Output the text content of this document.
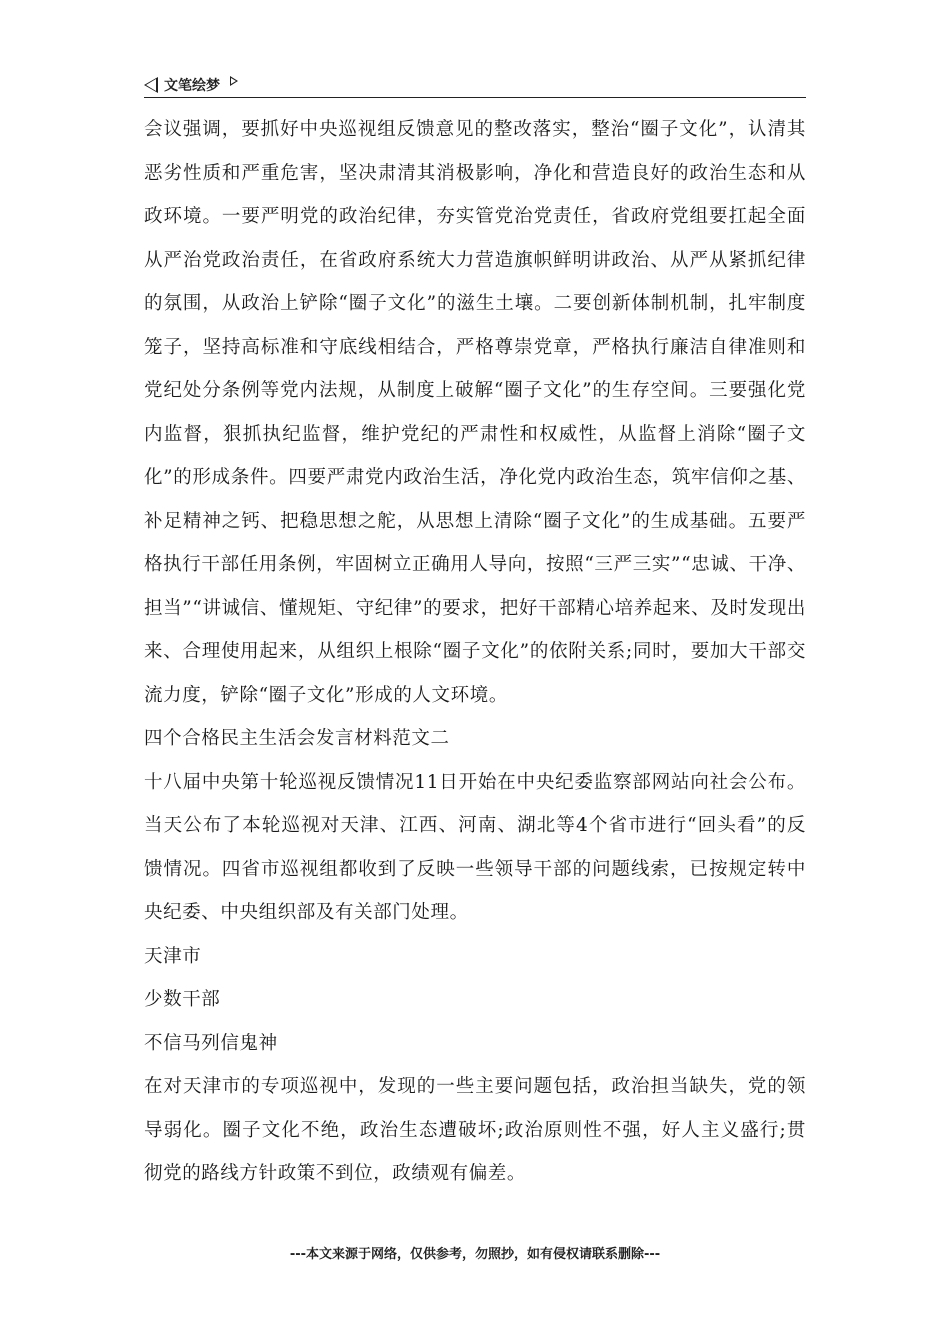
文笔绘梦

会议强调，要抓好中央巡视组反馈意见的整改落实，整治“圈子文化”，认清其恶劣性质和严重危害，坚决肃清其消极影响，净化和营造良好的政治生态和从政环境。一要严明党的政治纪律，夯实管党治党责任，省政府党组要扛起全面从严治党政治责任，在省政府系统大力营造旗帜鲜明讲政治、从严从紧抓纪律的氛围，从政治上铲除“圈子文化”的滋生土壤。二要创新体制机制，扎牢制度笼子，坚持高标准和守底线相结合，严格尊崇党章，严格执行廉洁自律准则和党纪处分条例等党内法规，从制度上破解“圈子文化”的生存空间。三要强化党内监督，狠抓执纪监督，维护党纪的严肃性和权威性，从监督上消除“圈子文化”的形成条件。四要严肃党内政治生活，净化党内政治生态，筑牢信仰之基、补足精神之钙、把稳思想之舵，从思想上清除“圈子文化”的生成基础。五要严格执行干部任用条例，牢固树立正确用人导向，按照“三严三实”“忠诚、干净、担当”“讲诚信、懂规矩、守纪律”的要求，把好干部精心培养起来、及时发现出来、合理使用起来，从组织上根除“圈子文化”的依附关系;同时，要加大干部交流力度，铲除“圈子文化”形成的人文环境。

四个合格民主生活会发言材料范文二

十八届中央第十轮巡视反馈情况11日开始在中央纪委监察部网站向社会公布。当天公布了本轮巡视对天津、江西、河南、湖北等4个省市进行“回头看”的反馈情况。四省市巡视组都收到了反映一些领导干部的问题线索，已按规定转中央纪委、中央组织部及有关部门处理。

天津市

少数干部

不信马列信鬼神

在对天津市的专项巡视中，发现的一些主要问题包括，政治担当缺失，党的领导弱化。圈子文化不绝，政治生态遭破坏;政治原则性不强，好人主义盛行;贯彻党的路线方针政策不到位，政绩观有偏差。

---本文来源于网络，仅供参考，勿照抄，如有侵权请联系删除---
